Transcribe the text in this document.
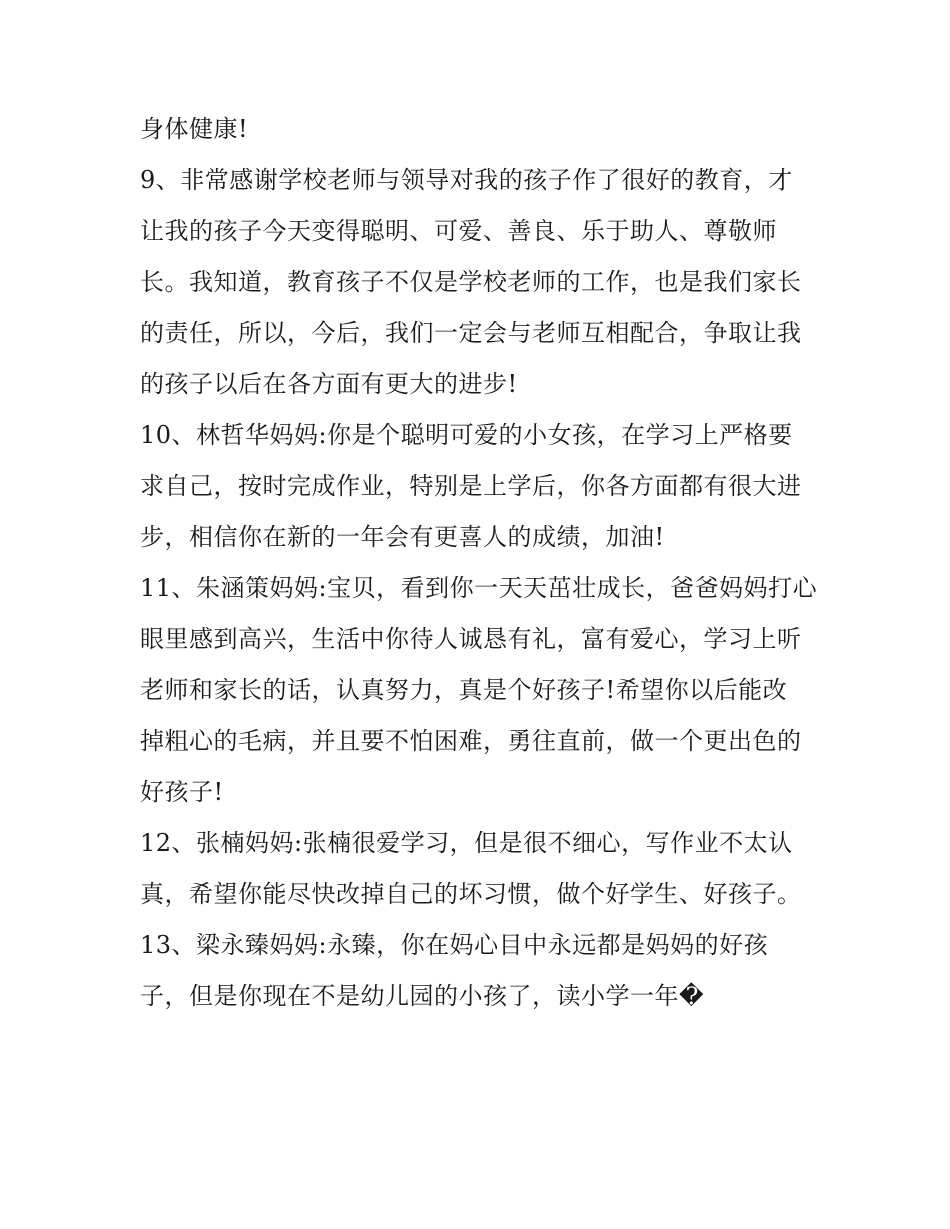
身体健康!
9、非常感谢学校老师与领导对我的孩子作了很好的教育，才
让我的孩子今天变得聪明、可爱、善良、乐于助人、尊敬师
长。我知道，教育孩子不仅是学校老师的工作，也是我们家长
的责任，所以，今后，我们一定会与老师互相配合，争取让我
的孩子以后在各方面有更大的进步!
10、林哲华妈妈:你是个聪明可爱的小女孩，在学习上严格要
求自己，按时完成作业，特别是上学后，你各方面都有很大进
步，相信你在新的一年会有更喜人的成绩，加油!
11、朱涵策妈妈:宝贝，看到你一天天茁壮成长，爸爸妈妈打心
眼里感到高兴，生活中你待人诚恳有礼，富有爱心，学习上听
老师和家长的话，认真努力，真是个好孩子!希望你以后能改
掉粗心的毛病，并且要不怕困难，勇往直前，做一个更出色的
好孩子!
12、张楠妈妈:张楠很爱学习，但是很不细心，写作业不太认
真，希望你能尽快改掉自己的坏习惯，做个好学生、好孩子。
13、梁永臻妈妈:永臻，你在妈心目中永远都是妈妈的好孩
子，但是你现在不是幼儿园的小孩了，读小学一年�
